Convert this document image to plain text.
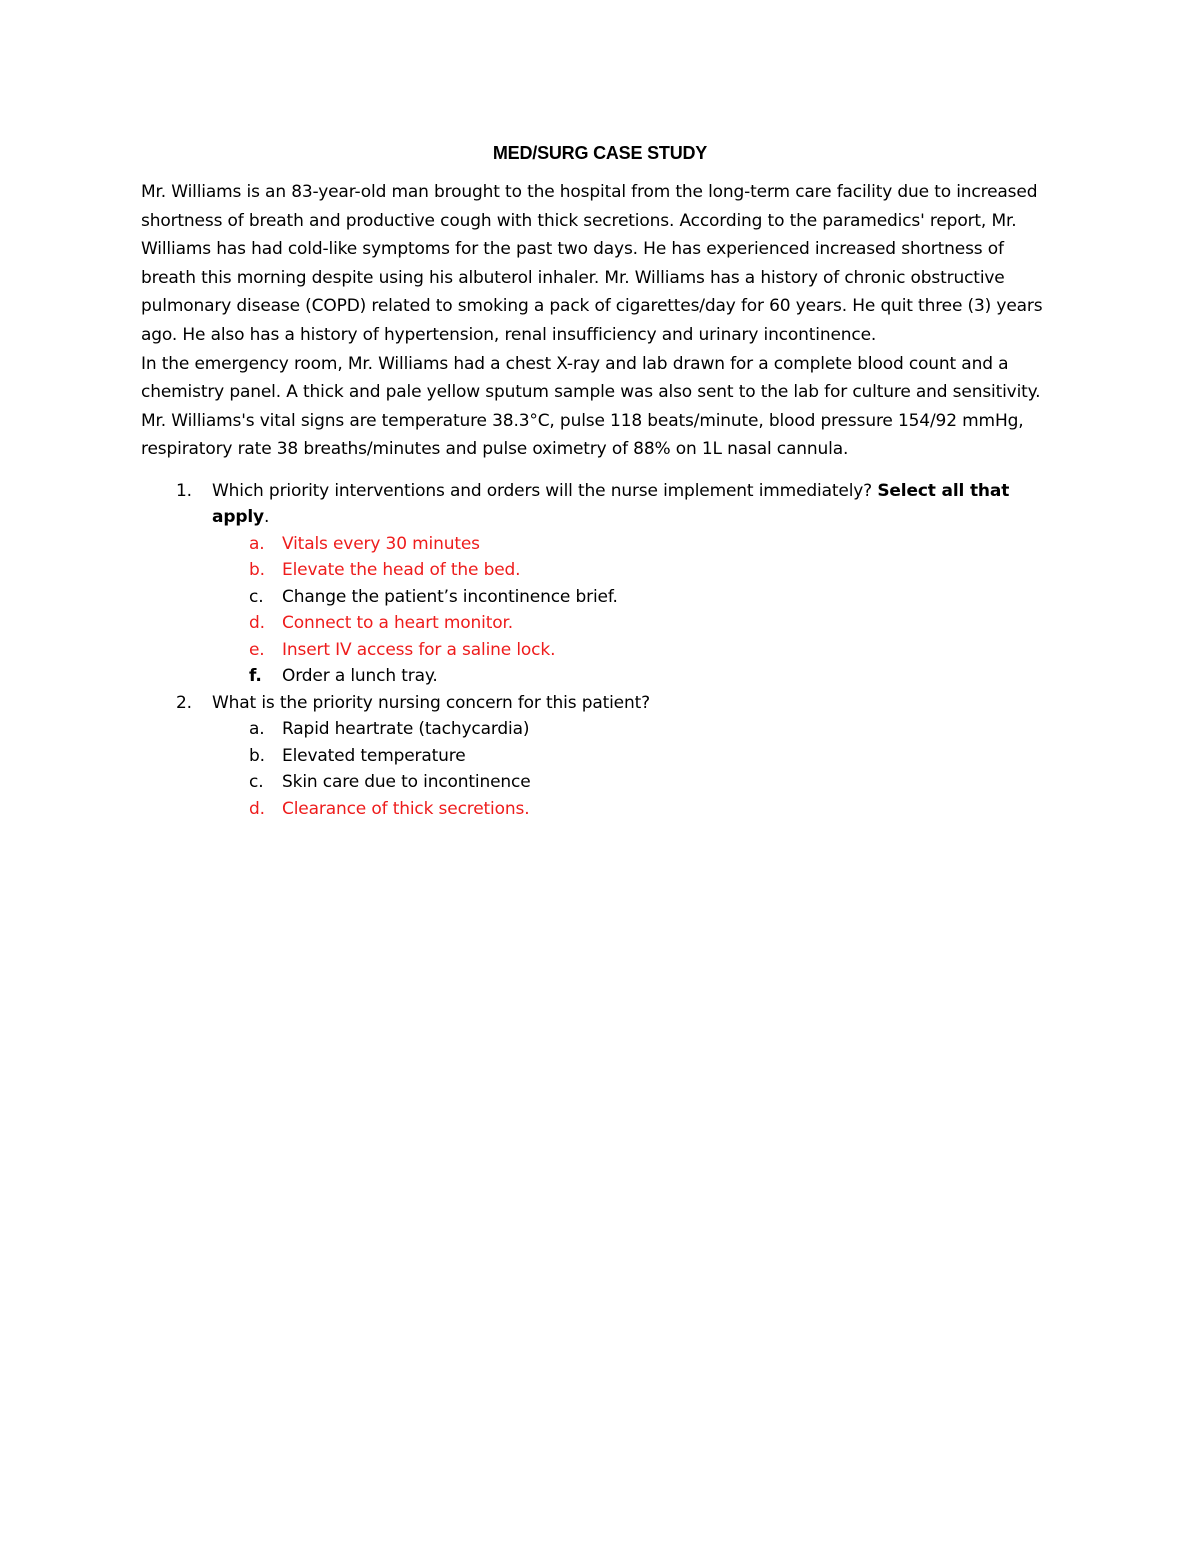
MED/SURG CASE STUDY

Mr. Williams is an 83-year-old man brought to the hospital from the long-term care facility due to increased shortness of breath and productive cough with thick secretions. According to the paramedics' report, Mr. Williams has had cold-like symptoms for the past two days. He has experienced increased shortness of breath this morning despite using his albuterol inhaler. Mr. Williams has a history of chronic obstructive pulmonary disease (COPD) related to smoking a pack of cigarettes/day for 60 years. He quit three (3) years ago. He also has a history of hypertension, renal insufficiency and urinary incontinence.

In the emergency room, Mr. Williams had a chest X-ray and lab drawn for a complete blood count and a chemistry panel. A thick and pale yellow sputum sample was also sent to the lab for culture and sensitivity.

Mr. Williams's vital signs are temperature 38.3°C, pulse 118 beats/minute, blood pressure 154/92 mmHg, respiratory rate 38 breaths/minutes and pulse oximetry of 88% on 1L nasal cannula.

1. Which priority interventions and orders will the nurse implement immediately? Select all that apply.
a. Vitals every 30 minutes
b. Elevate the head of the bed.
c. Change the patient’s incontinence brief.
d. Connect to a heart monitor.
e. Insert IV access for a saline lock.
f. Order a lunch tray.
2. What is the priority nursing concern for this patient?
a. Rapid heartrate (tachycardia)
b. Elevated temperature
c. Skin care due to incontinence
d. Clearance of thick secretions.
